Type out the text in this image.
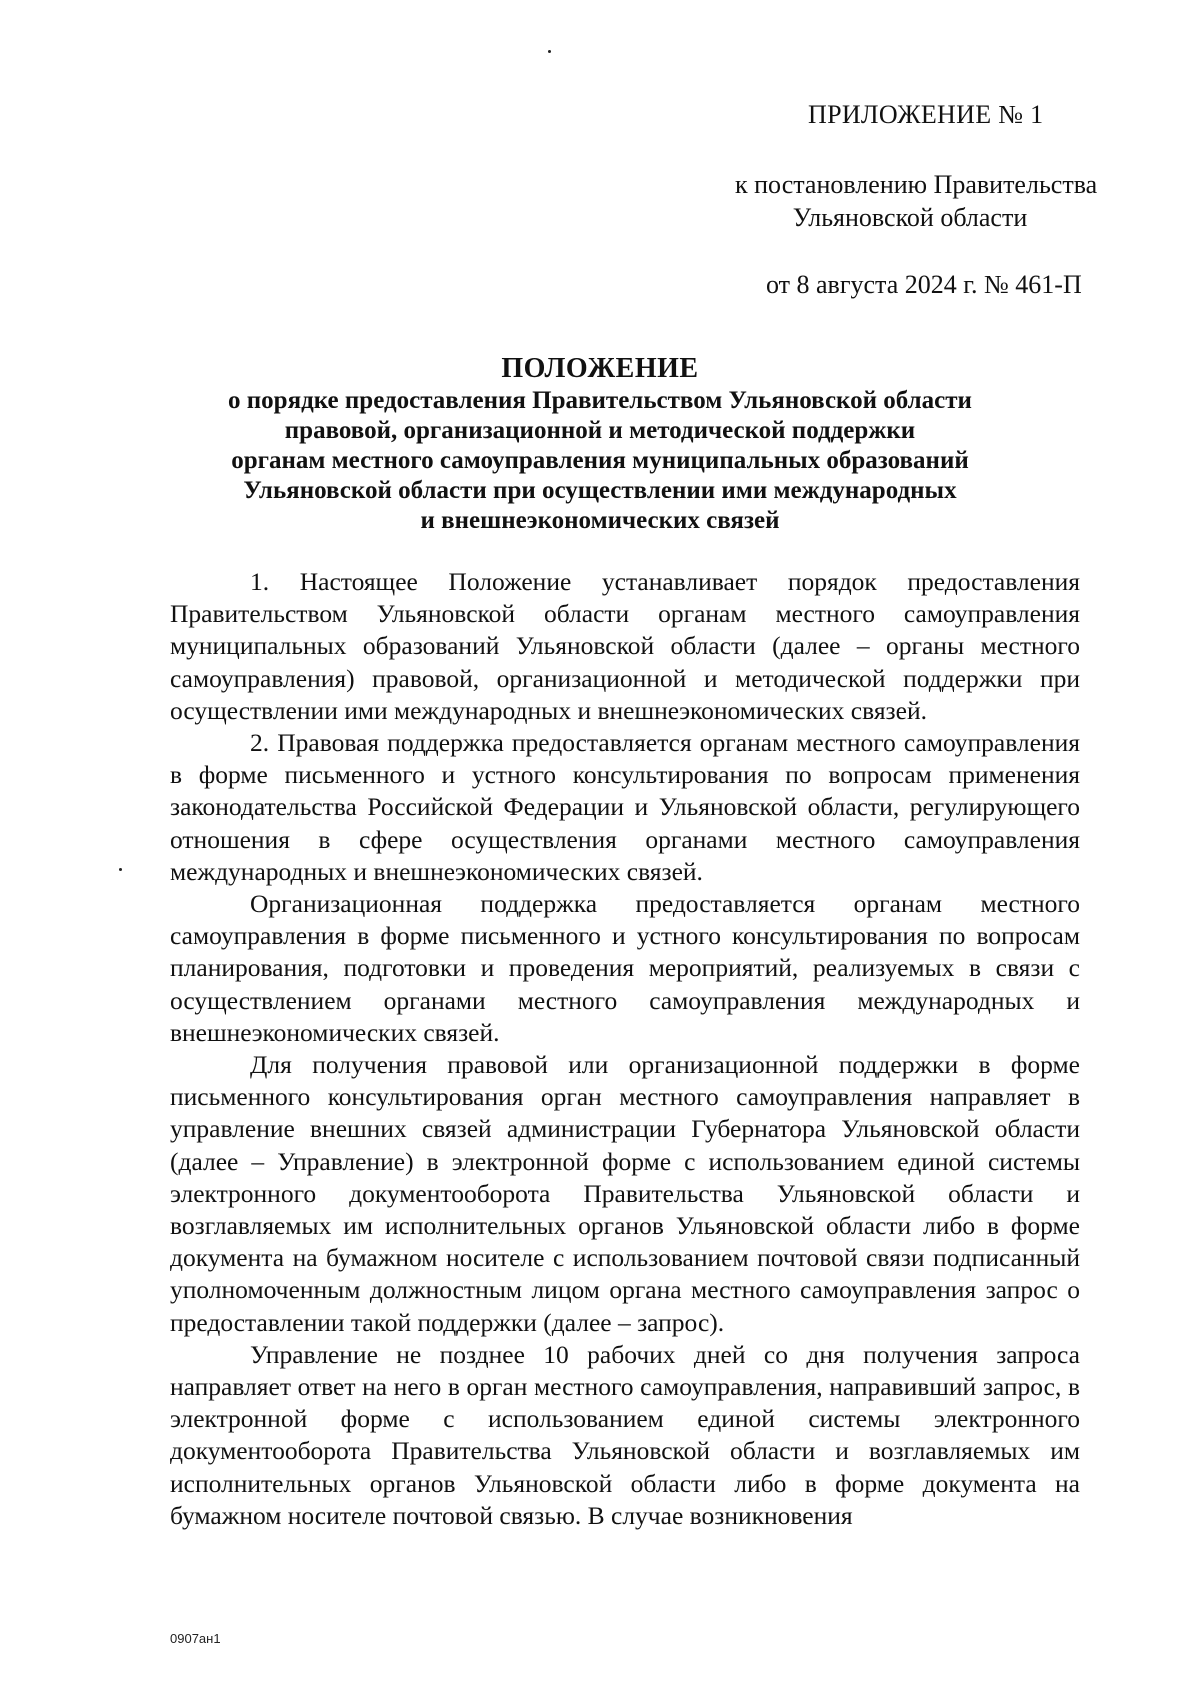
ПРИЛОЖЕНИЕ № 1
к постановлению Правительства
Ульяновской области
от 8 августа 2024 г. № 461-П
ПОЛОЖЕНИЕ
о порядке предоставления Правительством Ульяновской области
правовой, организационной и методической поддержки
органам местного самоуправления муниципальных образований
Ульяновской области при осуществлении ими международных
и внешнеэкономических связей

1. Настоящее Положение устанавливает порядок предоставления Правительством Ульяновской области органам местного самоуправления муниципальных образований Ульяновской области (далее – органы местного самоуправления) правовой, организационной и методической поддержки при осуществлении ими международных и внешнеэкономических связей.

2. Правовая поддержка предоставляется органам местного самоуправления в форме письменного и устного консультирования по вопросам применения законодательства Российской Федерации и Ульяновской области, регулирующего отношения в сфере осуществления органами местного самоуправления международных и внешнеэкономических связей.

Организационная поддержка предоставляется органам местного самоуправления в форме письменного и устного консультирования по вопросам планирования, подготовки и проведения мероприятий, реализуемых в связи с осуществлением органами местного самоуправления международных и внешнеэкономических связей.

Для получения правовой или организационной поддержки в форме письменного консультирования орган местного самоуправления направляет в управление внешних связей администрации Губернатора Ульяновской области (далее – Управление) в электронной форме с использованием единой системы электронного документооборота Правительства Ульяновской области и возглавляемых им исполнительных органов Ульяновской области либо в форме документа на бумажном носителе с использованием почтовой связи подписанный уполномоченным должностным лицом органа местного самоуправления запрос о предоставлении такой поддержки (далее – запрос).

Управление не позднее 10 рабочих дней со дня получения запроса направляет ответ на него в орган местного самоуправления, направивший запрос, в электронной форме с использованием единой системы электронного документооборота Правительства Ульяновской области и возглавляемых им исполнительных органов Ульяновской области либо в форме документа на бумажном носителе почтовой связью. В случае возникновения

0907ан1
